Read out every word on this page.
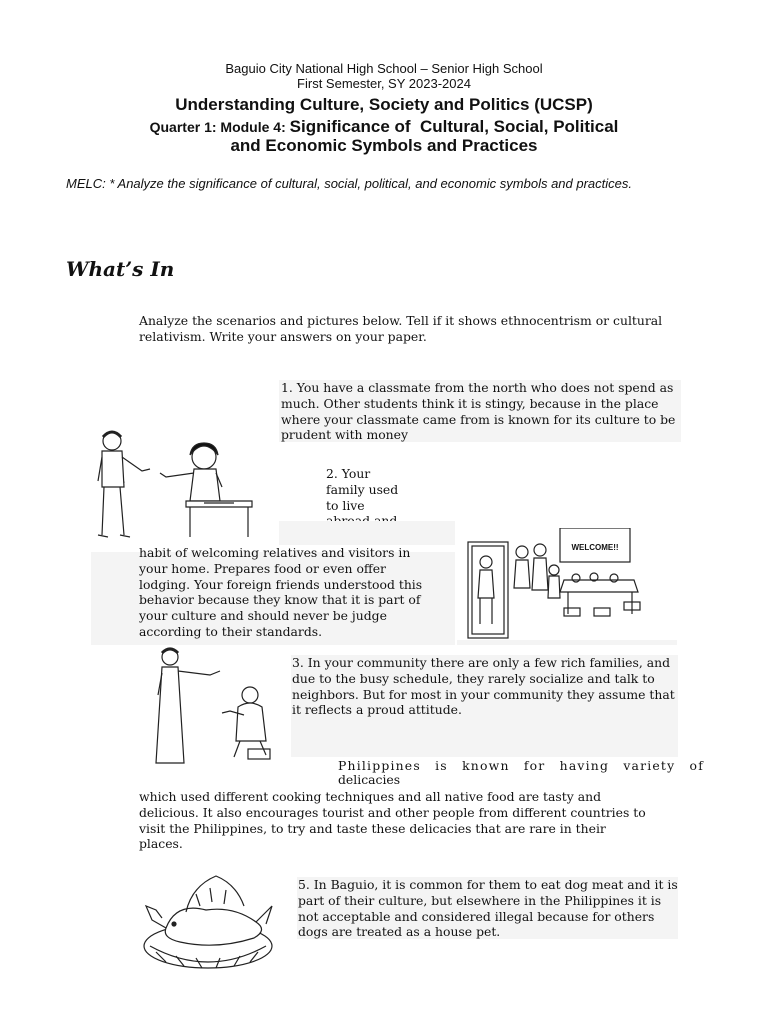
Baguio City National High School – Senior High School
First Semester, SY 2023-2024
Understanding Culture, Society and Politics (UCSP)
Quarter 1: Module 4: Significance of  Cultural, Social, Political
and Economic Symbols and Practices
MELC: * Analyze the significance of cultural, social, political, and economic symbols and practices.
What’s In
Analyze the scenarios and pictures below. Tell if it shows ethnocentrism or cultural relativism. Write your answers on your paper.
1. You have a classmate from the north who does not spend as much. Other students think it is stingy, because in the place where your classmate came from is known for its culture to be prudent with money
2. Your family used to live
habit of welcoming relatives and visitors in your home. Prepares food or even offer lodging. Your foreign friends understood this behavior because they know that it is part of your culture and should never be judge according to their standards.
WELCOME!!
3. In your community there are only a few rich families, and due to the busy schedule, they rarely socialize and talk to neighbors. But for most in your community they assume that it reflects a proud attitude.
Philippines is known for having variety of
delicacies
which used different cooking techniques and all native food are tasty and delicious. It also encourages tourist and other people from different countries to visit the Philippines, to try and taste these delicacies that are rare in their places.
5. In Baguio, it is common for them to eat dog meat and it is part of their culture, but elsewhere in the Philippines it is not acceptable and considered illegal because for others dogs are treated as a house pet.
